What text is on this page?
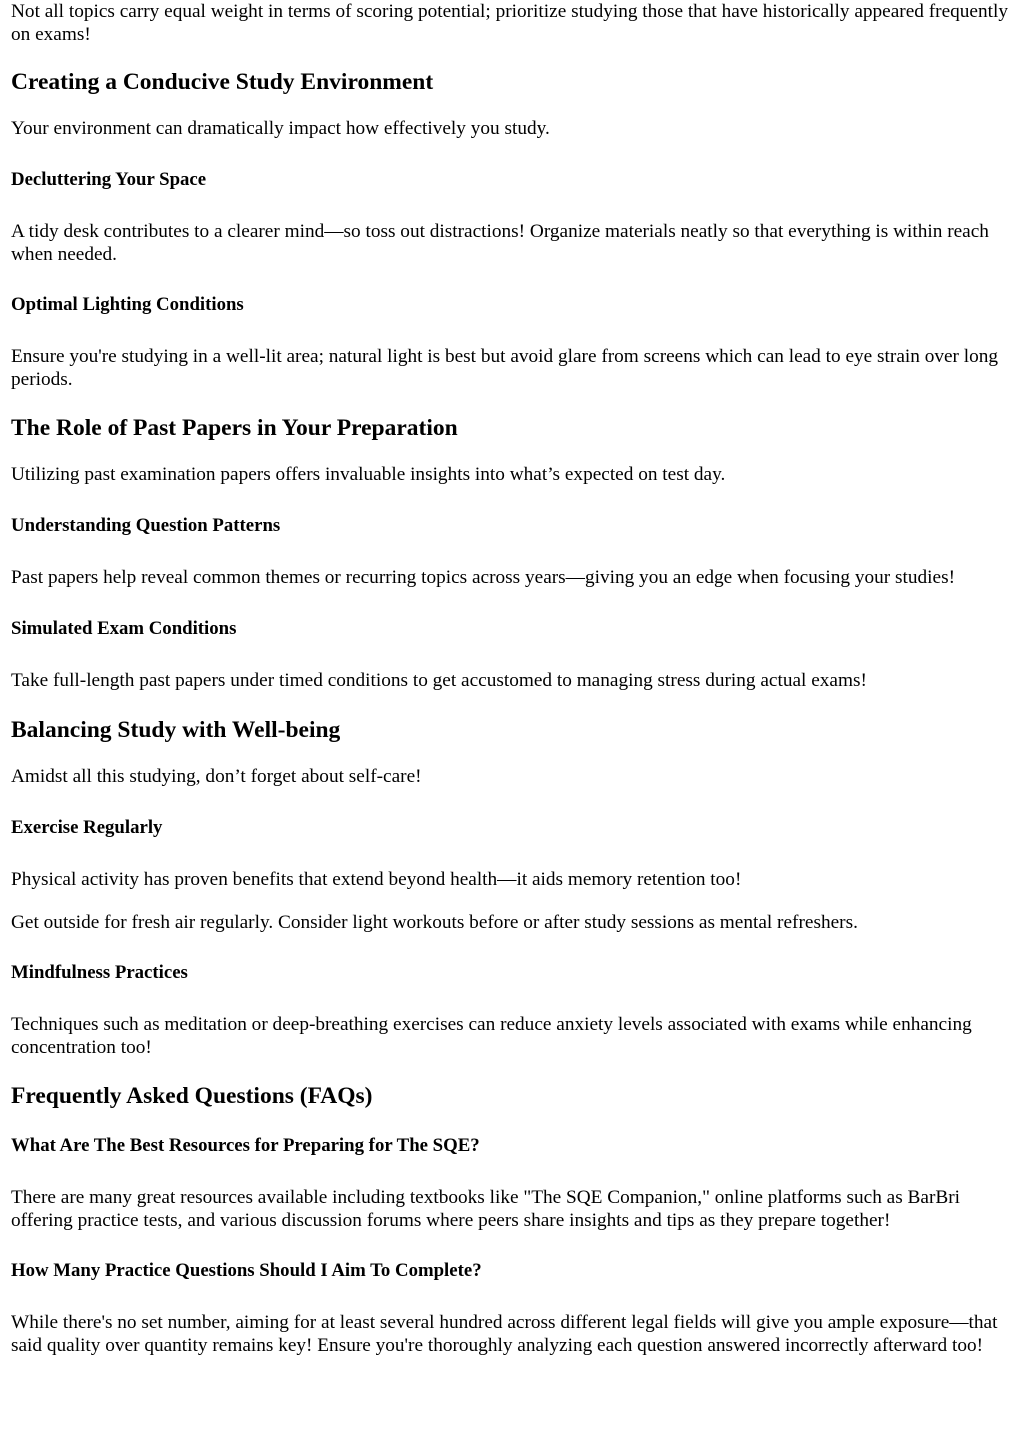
Not all topics carry equal weight in terms of scoring potential; prioritize studying those that have historically appeared frequently on exams!

Creating a Conducive Study Environment

Your environment can dramatically impact how effectively you study.

Decluttering Your Space

A tidy desk contributes to a clearer mind—so toss out distractions! Organize materials neatly so that everything is within reach when needed.

Optimal Lighting Conditions

Ensure you're studying in a well-lit area; natural light is best but avoid glare from screens which can lead to eye strain over long periods.

The Role of Past Papers in Your Preparation

Utilizing past examination papers offers invaluable insights into what’s expected on test day.

Understanding Question Patterns

Past papers help reveal common themes or recurring topics across years—giving you an edge when focusing your studies!

Simulated Exam Conditions

Take full-length past papers under timed conditions to get accustomed to managing stress during actual exams!

Balancing Study with Well-being

Amidst all this studying, don’t forget about self-care!

Exercise Regularly

Physical activity has proven benefits that extend beyond health—it aids memory retention too!

Get outside for fresh air regularly. Consider light workouts before or after study sessions as mental refreshers.

Mindfulness Practices

Techniques such as meditation or deep-breathing exercises can reduce anxiety levels associated with exams while enhancing concentration too!

Frequently Asked Questions (FAQs)
What Are The Best Resources for Preparing for The SQE?

There are many great resources available including textbooks like "The SQE Companion," online platforms such as BarBri offering practice tests, and various discussion forums where peers share insights and tips as they prepare together!

How Many Practice Questions Should I Aim To Complete?

While there's no set number, aiming for at least several hundred across different legal fields will give you ample exposure—that said quality over quantity remains key! Ensure you're thoroughly analyzing each question answered incorrectly afterward too!
